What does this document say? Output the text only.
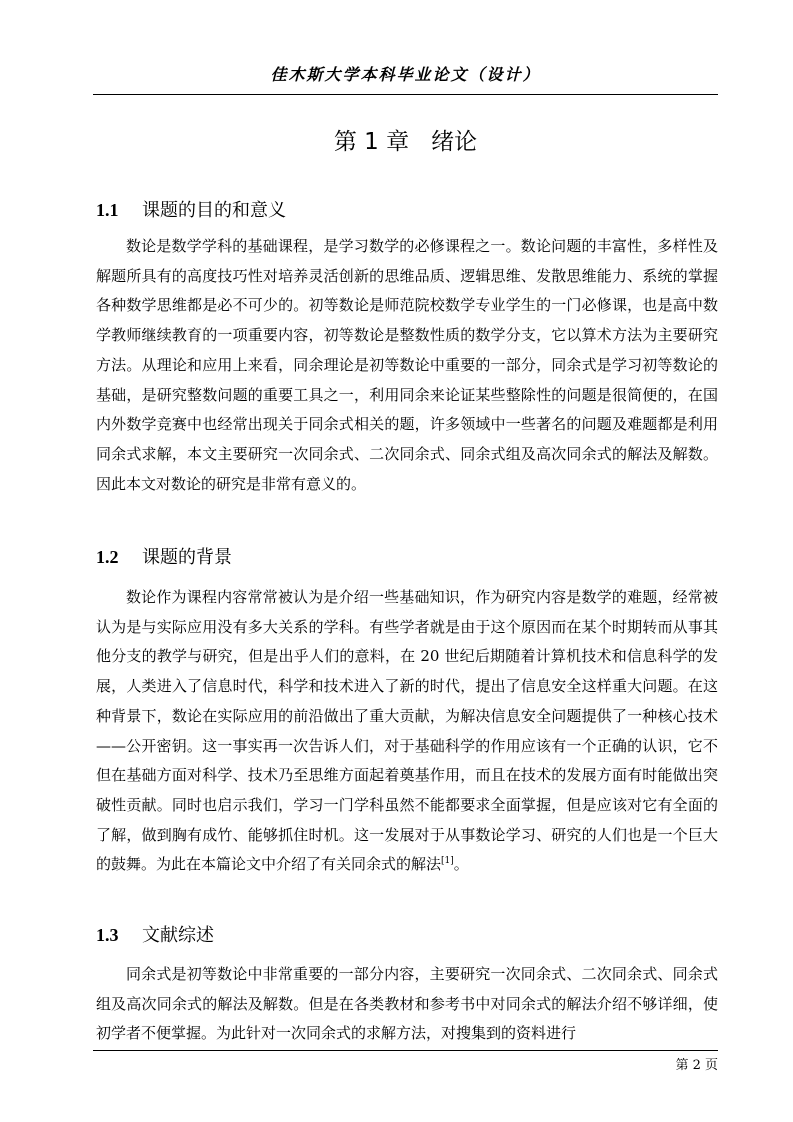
佳木斯大学本科毕业论文（设计）
第 1 章 绪论
1.1 课题的目的和意义

数论是数学学科的基础课程，是学习数学的必修课程之一。数论问题的丰富性，多样性及解题所具有的高度技巧性对培养灵活创新的思维品质、逻辑思维、发散思维能力、系统的掌握各种数学思维都是必不可少的。初等数论是师范院校数学专业学生的一门必修课，也是高中数学教师继续教育的一项重要内容，初等数论是整数性质的数学分支，它以算术方法为主要研究方法。从理论和应用上来看，同余理论是初等数论中重要的一部分，同余式是学习初等数论的基础，是研究整数问题的重要工具之一，利用同余来论证某些整除性的问题是很简便的，在国内外数学竞赛中也经常出现关于同余式相关的题，许多领域中一些著名的问题及难题都是利用同余式求解，本文主要研究一次同余式、二次同余式、同余式组及高次同余式的解法及解数。因此本文对数论的研究是非常有意义的。

1.2 课题的背景

数论作为课程内容常常被认为是介绍一些基础知识，作为研究内容是数学的难题，经常被认为是与实际应用没有多大关系的学科。有些学者就是由于这个原因而在某个时期转而从事其他分支的教学与研究，但是出乎人们的意料，在 20 世纪后期随着计算机技术和信息科学的发展，人类进入了信息时代，科学和技术进入了新的时代，提出了信息安全这样重大问题。在这种背景下，数论在实际应用的前沿做出了重大贡献，为解决信息安全问题提供了一种核心技术——公开密钥。这一事实再一次告诉人们，对于基础科学的作用应该有一个正确的认识，它不但在基础方面对科学、技术乃至思维方面起着奠基作用，而且在技术的发展方面有时能做出突破性贡献。同时也启示我们，学习一门学科虽然不能都要求全面掌握，但是应该对它有全面的了解，做到胸有成竹、能够抓住时机。这一发展对于从事数论学习、研究的人们也是一个巨大的鼓舞。为此在本篇论文中介绍了有关同余式的解法[1]。

1.3 文献综述

同余式是初等数论中非常重要的一部分内容，主要研究一次同余式、二次同余式、同余式组及高次同余式的解法及解数。但是在各类教材和参考书中对同余式的解法介绍不够详细，使初学者不便掌握。为此针对一次同余式的求解方法，对搜集到的资料进行

第 2 页
